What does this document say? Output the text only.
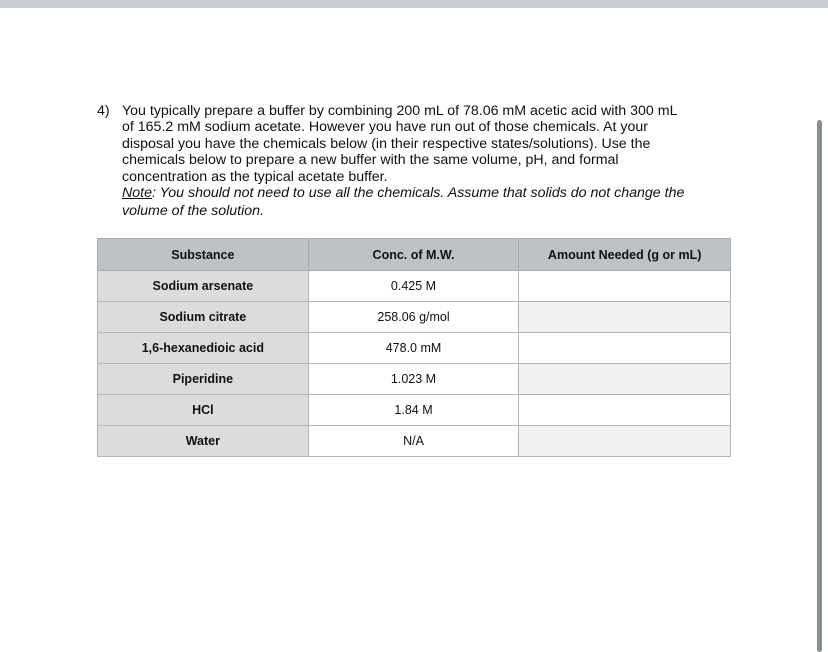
4) You typically prepare a buffer by combining 200 mL of 78.06 mM acetic acid with 300 mL
of 165.2 mM sodium acetate. However you have run out of those chemicals. At your
disposal you have the chemicals below (in their respective states/solutions). Use the
chemicals below to prepare a new buffer with the same volume, pH, and formal
concentration as the typical acetate buffer.
Note: You should not need to use all the chemicals. Assume that solids do not change the
volume of the solution.
Substance	Conc. of M.W.	Amount Needed (g or mL)
Sodium arsenate	0.425 M	
Sodium citrate	258.06 g/mol	
1,6-hexanedioic acid	478.0 mM	
Piperidine	1.023 M	
HCl	1.84 M	
Water	N/A	
